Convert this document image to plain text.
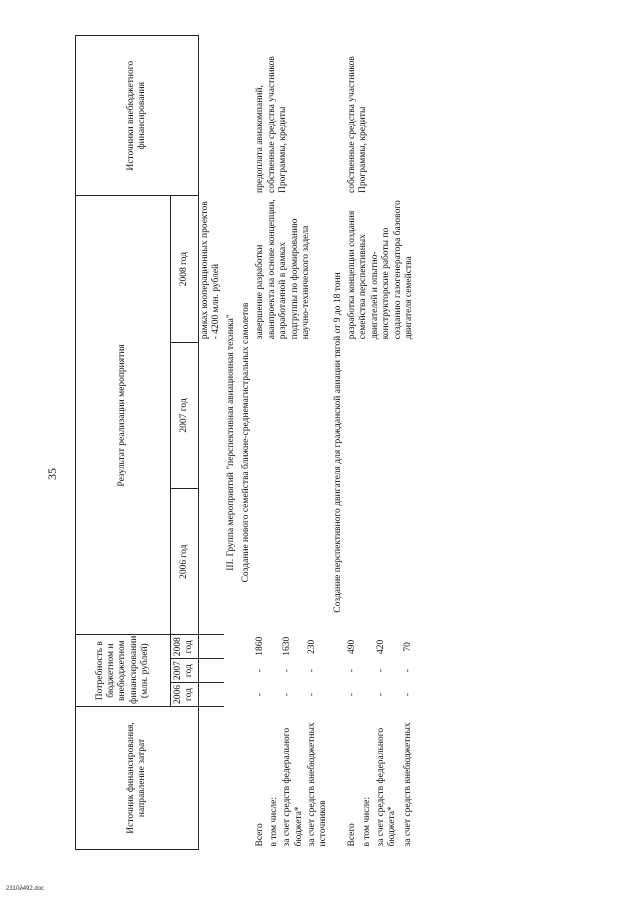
35
Источник финансирования, направление затрат	Потребность в бюджетном и внебюджетном финансировании (млн. рублей)			Результат реализации мероприятия			Источники внебюджетного финансирования
	2006 год	2007 год	2008 год	2006 год	2007 год	2008 год	
						рамках кооперационных проектов - 4200 млн. рублей	
III. Группа мероприятий "перспективная авиационная техника"							
Создание нового семейства ближне-среднемагистральных самолетов							
Всего	-	-	1860			завершение разработки аванпроекта на основе концепции, разработанной в рамках подгруппы по формированию научно-технического задела	предоплата авиакомпаний, собственные средства участников Программы, кредиты
в том числе:							
за счет средств федерального бюджета*	-	-	1630				
за счет средств внебюджетных источников	-	-	230				
Создание перспективного двигателя для гражданской авиации тягой от 9 до 18 тонн							
Всего	-	-	490			разработка концепции создания семейства перспективных двигателей и опытно-конструкторские работы по созданию газогенератора базового двигателя семейства	собственные средства участников Программы, кредиты
в том числе:							
за счет средств федерального бюджета*	-	-	420				
за счет средств внебюджетных	-	-	70				
2310й492.doc
